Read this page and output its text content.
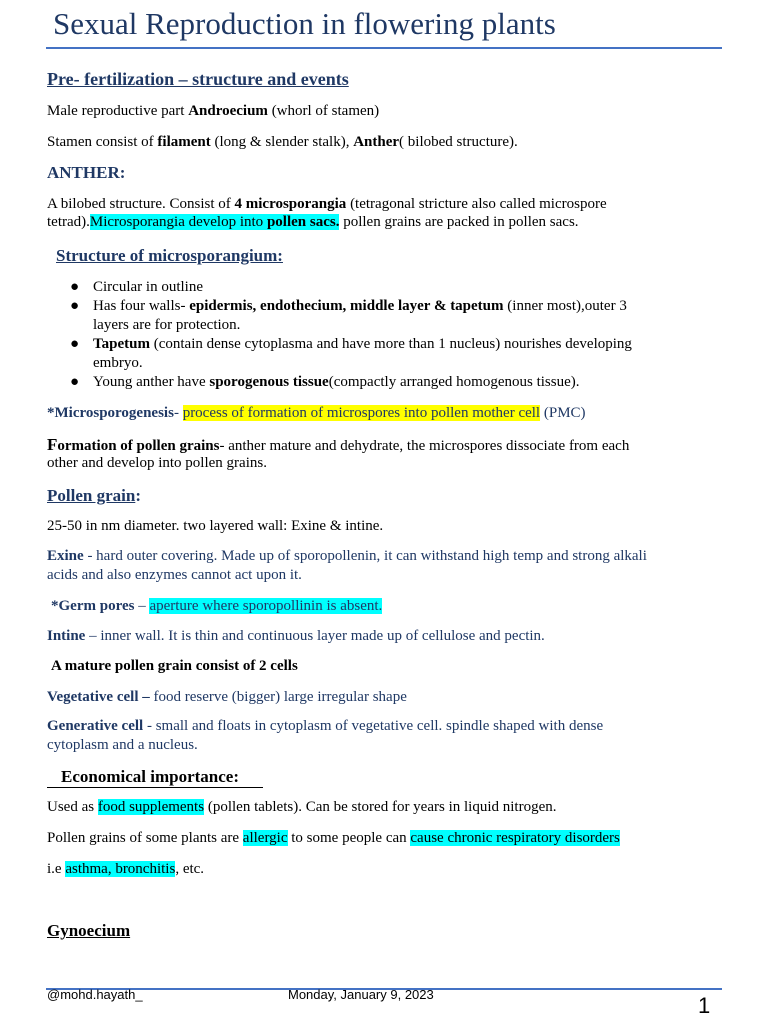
Sexual Reproduction in flowering plants
Pre- fertilization – structure and events
Male reproductive part Androecium (whorl of stamen)
Stamen consist of filament (long & slender stalk), Anther( bilobed structure).
ANTHER:
A bilobed structure. Consist of 4 microsporangia (tetragonal stricture also called microspore
tetrad).Microsporangia develop into pollen sacs. pollen grains are packed in pollen sacs.
Structure of microsporangium:
● Circular in outline
● Has four walls- epidermis, endothecium, middle layer & tapetum (inner most),outer 3
layers are for protection.
● Tapetum (contain dense cytoplasma and have more than 1 nucleus) nourishes developing
embryo.
● Young anther have sporogenous tissue(compactly arranged homogenous tissue).
*Microsporogenesis- process of formation of microspores into pollen mother cell (PMC)
Formation of pollen grains- anther mature and dehydrate, the microspores dissociate from each
other and develop into pollen grains.
Pollen grain:
25-50 in nm diameter. two layered wall: Exine & intine.
Exine - hard outer covering. Made up of sporopollenin, it can withstand high temp and strong alkali
acids and also enzymes cannot act upon it.
*Germ pores – aperture where sporopollinin is absent.
Intine – inner wall. It is thin and continuous layer made up of cellulose and pectin.
A mature pollen grain consist of 2 cells
Vegetative cell – food reserve (bigger) large irregular shape
Generative cell - small and floats in cytoplasm of vegetative cell. spindle shaped with dense
cytoplasm and a nucleus.
Economical importance:
Used as food supplements (pollen tablets). Can be stored for years in liquid nitrogen.
Pollen grains of some plants are allergic to some people can cause chronic respiratory disorders
i.e asthma, bronchitis, etc.
Gynoecium
@mohd.hayath_	Monday, January 9, 2023	1
